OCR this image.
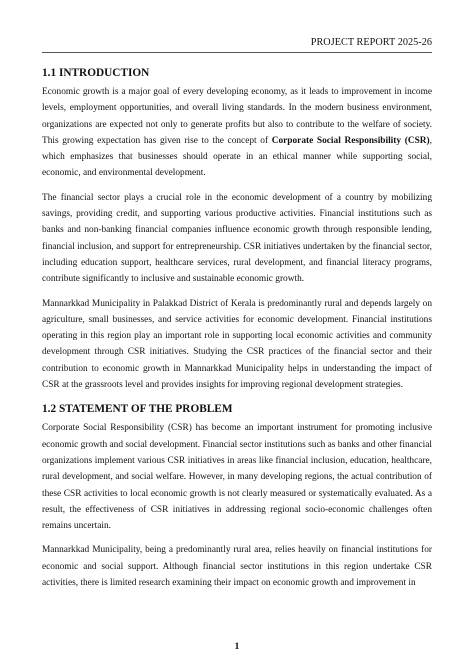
PROJECT REPORT 2025-26
1.1 INTRODUCTION

Economic growth is a major goal of every developing economy, as it leads to improvement in income levels, employment opportunities, and overall living standards. In the modern business environment, organizations are expected not only to generate profits but also to contribute to the welfare of society. This growing expectation has given rise to the concept of Corporate Social Responsibility (CSR), which emphasizes that businesses should operate in an ethical manner while supporting social, economic, and environmental development.

The financial sector plays a crucial role in the economic development of a country by mobilizing savings, providing credit, and supporting various productive activities. Financial institutions such as banks and non-banking financial companies influence economic growth through responsible lending, financial inclusion, and support for entrepreneurship. CSR initiatives undertaken by the financial sector, including education support, healthcare services, rural development, and financial literacy programs, contribute significantly to inclusive and sustainable economic growth.

Mannarkkad Municipality in Palakkad District of Kerala is predominantly rural and depends largely on agriculture, small businesses, and service activities for economic development. Financial institutions operating in this region play an important role in supporting local economic activities and community development through CSR initiatives. Studying the CSR practices of the financial sector and their contribution to economic growth in Mannarkkad Municipality helps in understanding the impact of CSR at the grassroots level and provides insights for improving regional development strategies.

1.2 STATEMENT OF THE PROBLEM

Corporate Social Responsibility (CSR) has become an important instrument for promoting inclusive economic growth and social development. Financial sector institutions such as banks and other financial organizations implement various CSR initiatives in areas like financial inclusion, education, healthcare, rural development, and social welfare. However, in many developing regions, the actual contribution of these CSR activities to local economic growth is not clearly measured or systematically evaluated. As a result, the effectiveness of CSR initiatives in addressing regional socio-economic challenges often remains uncertain.

Mannarkkad Municipality, being a predominantly rural area, relies heavily on financial institutions for economic and social support. Although financial sector institutions in this region undertake CSR activities, there is limited research examining their impact on economic growth and improvement in

1
